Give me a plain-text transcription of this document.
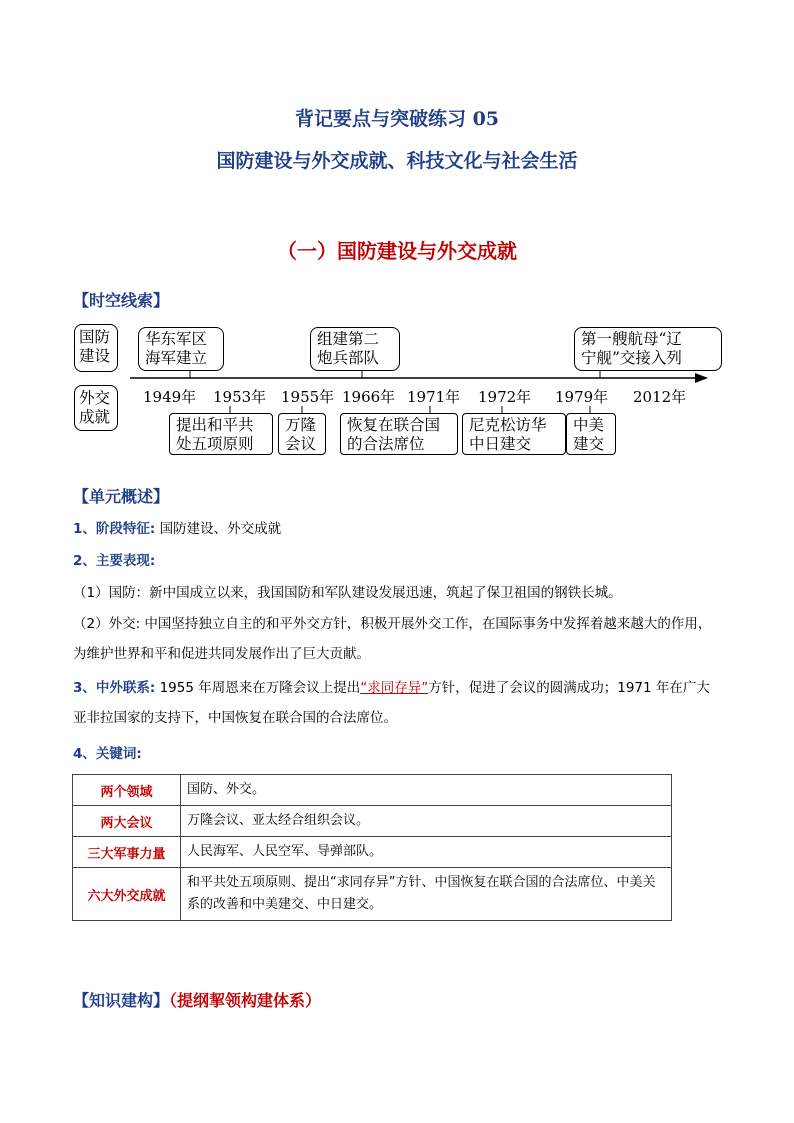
背记要点与突破练习 05
国防建设与外交成就、科技文化与社会生活
（一）国防建设与外交成就
【时空线索】
国防
建设
外交
成就
华东军区
海军建立
组建第二
炮兵部队
第一艘航母“辽
宁舰”交接入列
1949年 1953年 1955年 1966年 1971年 1972年 1979年 2012年
提出和平共
处五项原则
万隆
会议
恢复在联合国
的合法席位
尼克松访华
中日建交
中美
建交
【单元概述】
1、阶段特征: 国防建设、外交成就
2、主要表现:
（1）国防：新中国成立以来，我国国防和军队建设发展迅速，筑起了保卫祖国的钢铁长城。
（2）外交: 中国坚持独立自主的和平外交方针，积极开展外交工作，在国际事务中发挥着越来越大的作用，为维护世界和平和促进共同发展作出了巨大贡献。
3、中外联系: 1955 年周恩来在万隆会议上提出“求同存异”方针，促进了会议的圆满成功；1971 年在广大亚非拉国家的支持下，中国恢复在联合国的合法席位。
4、关键词:
两个领域	国防、外交。
两大会议	万隆会议、亚太经合组织会议。
三大军事力量	人民海军、人民空军、导弹部队。
六大外交成就	和平共处五项原则、提出“求同存异”方针、中国恢复在联合国的合法席位、中美关系的改善和中美建交、中日建交。
【知识建构】（提纲挈领构建体系）
